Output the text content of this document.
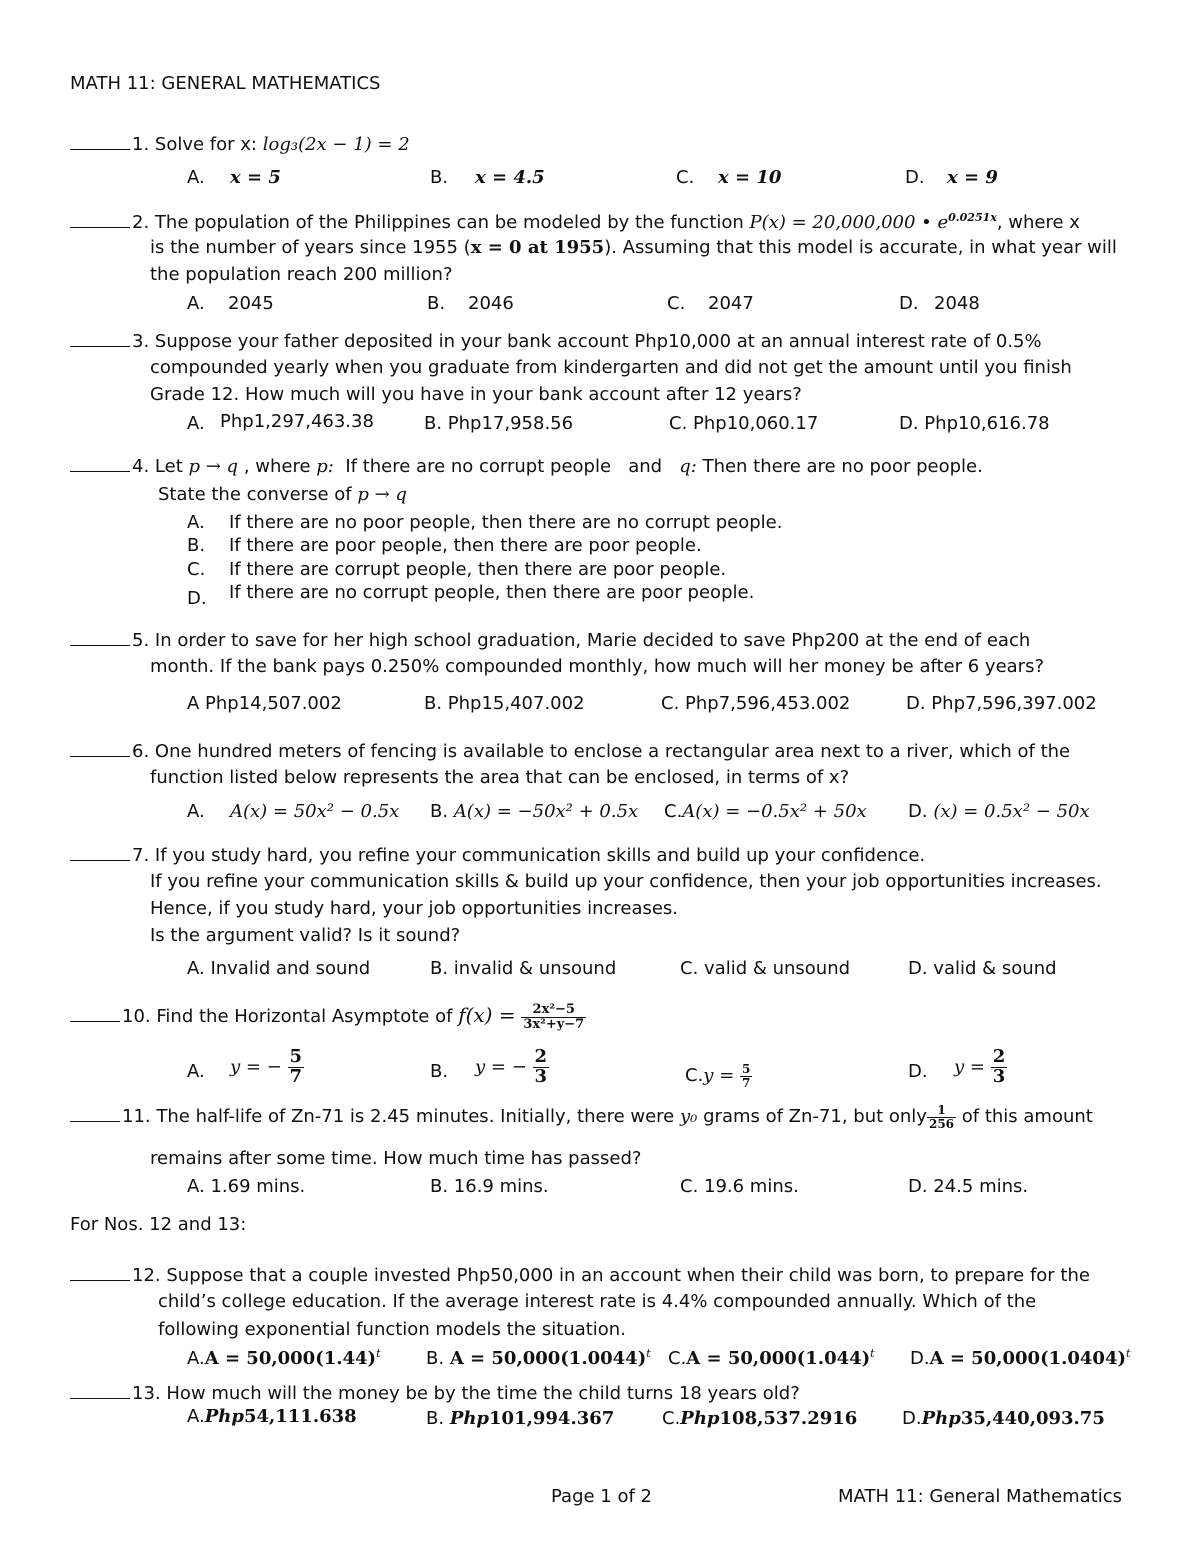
MATH 11: GENERAL MATHEMATICS
1. Solve for x: log₃(2x − 1) = 2
A. x = 5	B. x = 4.5	C. x = 10	D. x = 9
2. The population of the Philippines can be modeled by the function P(x) = 20,000,000 • $e^{0.0251x}$, where x
is the number of years since 1955 (x = 0 at 1955). Assuming that this model is accurate, in what year will
the population reach 200 million?
A. 2045	B. 2046	C. 2047	D. 2048
3. Suppose your father deposited in your bank account Php10,000 at an annual interest rate of 0.5%
compounded yearly when you graduate from kindergarten and did not get the amount until you finish
Grade 12. How much will you have in your bank account after 12 years?
A. Php1,297,463.38	B. Php17,958.56	C. Php10,060.17	D. Php10,616.78
4. Let p → q , where p: If there are no corrupt people and q: Then there are no poor people.
State the converse of p → q
A. If there are no poor people, then there are no corrupt people.
B. If there are poor people, then there are poor people.
C. If there are corrupt people, then there are poor people.
D. If there are no corrupt people, then there are poor people.
5. In order to save for her high school graduation, Marie decided to save Php200 at the end of each
month. If the bank pays 0.250% compounded monthly, how much will her money be after 6 years?
A Php14,507.002	B. Php15,407.002	C. Php7,596,453.002	D. Php7,596,397.002
6. One hundred meters of fencing is available to enclose a rectangular area next to a river, which of the
function listed below represents the area that can be enclosed, in terms of x?
A. A(x) = 50x² − 0.5x B. A(x) = −50x² + 0.5x C.A(x) = −0.5x² + 50x D. (x) = 0.5x² − 50x
7. If you study hard, you refine your communication skills and build up your confidence.
If you refine your communication skills & build up your confidence, then your job opportunities increases.
Hence, if you study hard, your job opportunities increases.
Is the argument valid? Is it sound?
A. Invalid and sound	B. invalid & unsound	C. valid & unsound	D. valid & sound
10. Find the Horizontal Asymptote of $f(x) = \frac{\text{2x²−5}}{\text{3x²+y−7}}$
A. y = − $\frac{5}{7}$	B. y = − $\frac{2}{3}$	$C.y = \frac{5}{7}$	D. $y = \frac{2}{3}$
11. The half-life of Zn-71 is 2.45 minutes. Initially, there were y₀ grams of Zn-71, but only $\frac{1}{256}$ of this amount
remains after some time. How much time has passed?
A. 1.69 mins.	B. 16.9 mins.	C. 19.6 mins.	D. 24.5 mins.
For Nos. 12 and 13:
12. Suppose that a couple invested Php50,000 in an account when their child was born, to prepare for the
child’s college education. If the average interest rate is 4.4% compounded annually. Which of the
following exponential function models the situation.
$A.A = 50,000(1.44)^t$	B. $A = 50,000(1.0044)^t$ $C.A = 50,000(1.044)^t$ $D.A = 50,000(1.0404)^t$
13. How much will the money be by the time the child turns 18 years old?
A.Php54,111.638	B. Php101,994.367	C.Php108,537.2916 D.Php35,440,093.75
Page 1 of 2	MATH 11: General Mathematics
